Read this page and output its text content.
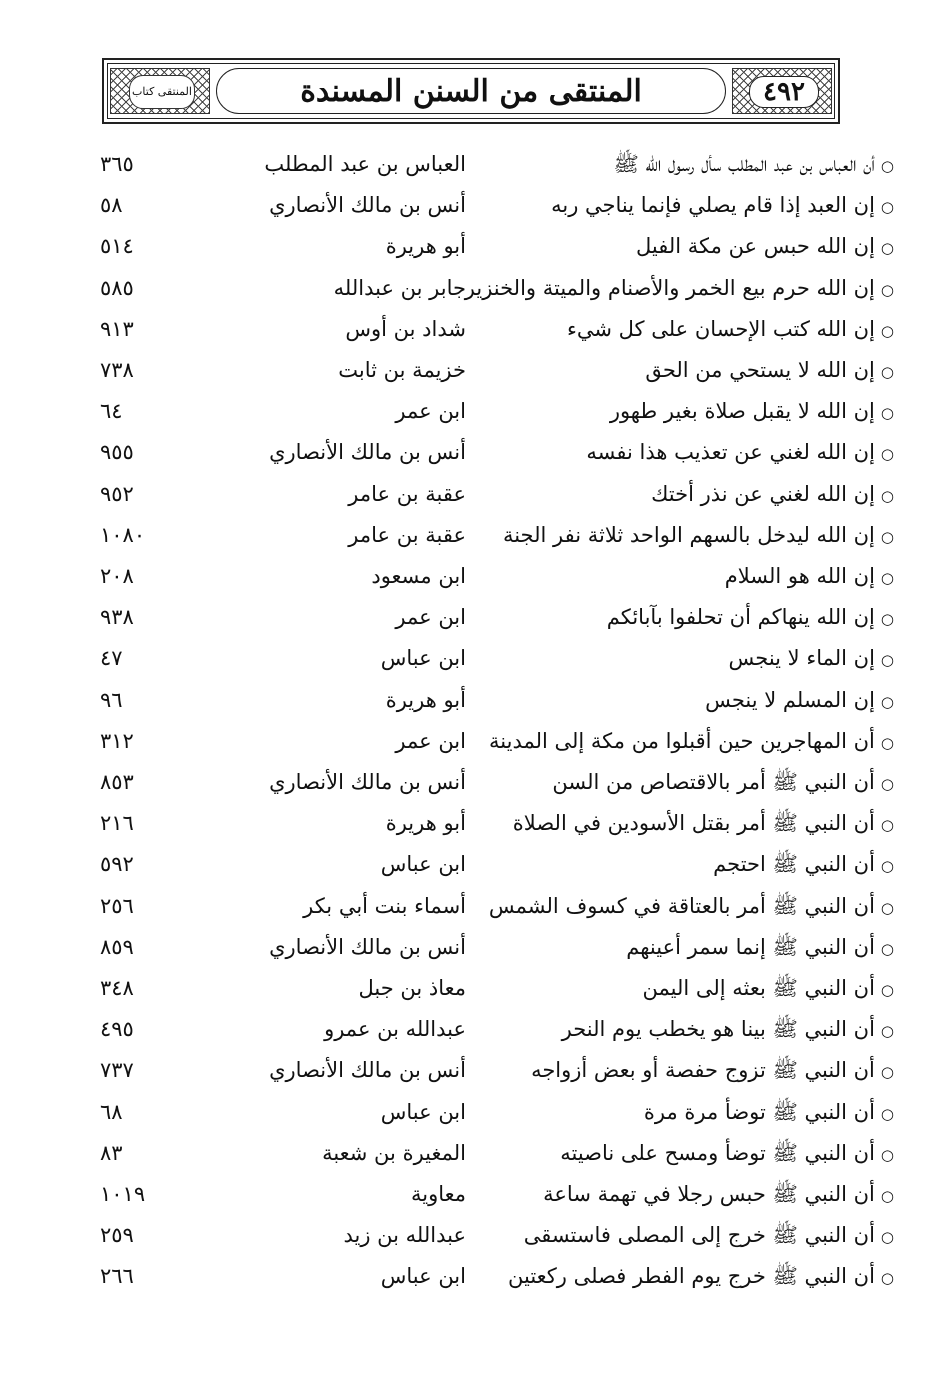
المنتقى كتاب	المنتقى من السنن المسندة	٤٩٢
○أن العباس بن عبد المطلب سأل رسول الله ﷺ
العباس بن عبد المطلب
٣٦٥
○إن العبد إذا قام يصلي فإنما يناجي ربه
أنس بن مالك الأنصاري
٥٨
○إن الله حبس عن مكة الفيل
أبو هريرة
٥١٤
○إن الله حرم بيع الخمر والأصنام والميتة والخنزير
جابر بن عبدالله
٥٨٥
○إن الله كتب الإحسان على كل شيء
شداد بن أوس
٩١٣
○إن الله لا يستحي من الحق
خزيمة بن ثابت
٧٣٨
○إن الله لا يقبل صلاة بغير طهور
ابن عمر
٦٤
○إن الله لغني عن تعذيب هذا نفسه
أنس بن مالك الأنصاري
٩٥٥
○إن الله لغني عن نذر أختك
عقبة بن عامر
٩٥٢
○إن الله ليدخل بالسهم الواحد ثلاثة نفر الجنة
عقبة بن عامر
١٠٨٠
○إن الله هو السلام
ابن مسعود
٢٠٨
○إن الله ينهاكم أن تحلفوا بآبائكم
ابن عمر
٩٣٨
○إن الماء لا ينجس
ابن عباس
٤٧
○إن المسلم لا ينجس
أبو هريرة
٩٦
○أن المهاجرين حين أقبلوا من مكة إلى المدينة
ابن عمر
٣١٢
○أن النبي ﷺ أمر بالاقتصاص من السن
أنس بن مالك الأنصاري
٨٥٣
○أن النبي ﷺ أمر بقتل الأسودين في الصلاة
أبو هريرة
٢١٦
○أن النبي ﷺ احتجم
ابن عباس
٥٩٢
○أن النبي ﷺ أمر بالعتاقة في كسوف الشمس
أسماء بنت أبي بكر
٢٥٦
○أن النبي ﷺ إنما سمر أعينهم
أنس بن مالك الأنصاري
٨٥٩
○أن النبي ﷺ بعثه إلى اليمن
معاذ بن جبل
٣٤٨
○أن النبي ﷺ بينا هو يخطب يوم النحر
عبدالله بن عمرو
٤٩٥
○أن النبي ﷺ تزوج حفصة أو بعض أزواجه
أنس بن مالك الأنصاري
٧٣٧
○أن النبي ﷺ توضأ مرة مرة
ابن عباس
٦٨
○أن النبي ﷺ توضأ ومسح على ناصيته
المغيرة بن شعبة
٨٣
○أن النبي ﷺ حبس رجلا في تهمة ساعة
معاوية
١٠١٩
○أن النبي ﷺ خرج إلى المصلى فاستسقى
عبدالله بن زيد
٢٥٩
○أن النبي ﷺ خرج يوم الفطر فصلى ركعتين
ابن عباس
٢٦٦
